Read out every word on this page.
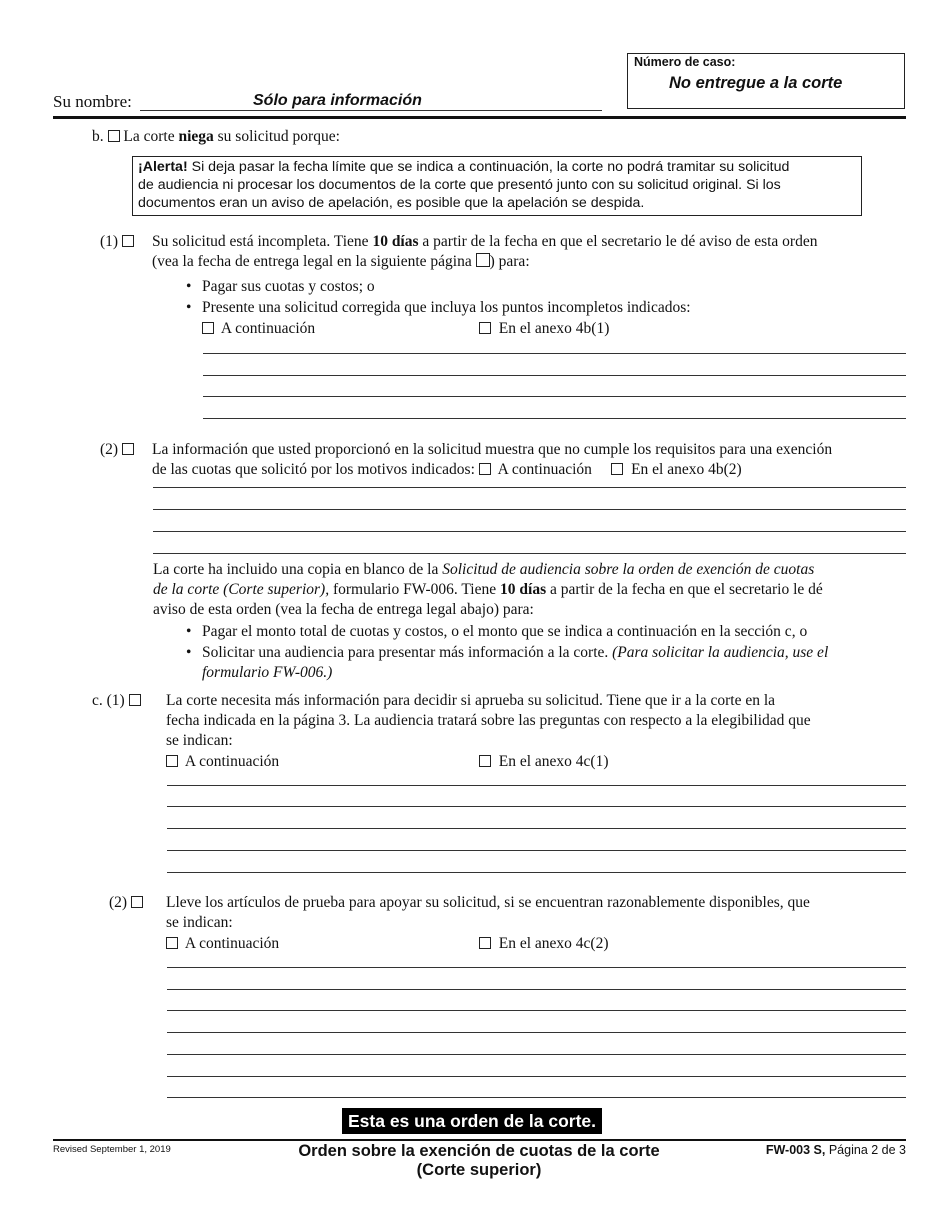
Su nombre:	Sólo para información
Número de caso:
No entregue a la corte
b. La corte niega su solicitud porque:
¡Alerta! Si deja pasar la fecha límite que se indica a continuación, la corte no podrá tramitar su solicitud
de audiencia ni procesar los documentos de la corte que presentó junto con su solicitud original. Si los
documentos eran un aviso de apelación, es posible que la apelación se despida.
(1)	Su solicitud está incompleta. Tiene 10 días a partir de la fecha en que el secretario le dé aviso de esta orden
(vea la fecha de entrega legal en la siguiente página ) para:
• Pagar sus cuotas y costos; o
• Presente una solicitud corregida que incluya los puntos incompletos indicados:
A continuación	En el anexo 4b(1)
(2)	La información que usted proporcionó en la solicitud muestra que no cumple los requisitos para una exención
de las cuotas que solicitó por los motivos indicados: A continuación	En el anexo 4b(2)
La corte ha incluido una copia en blanco de la Solicitud de audiencia sobre la orden de exención de cuotas
de la corte (Corte superior), formulario FW-006. Tiene 10 días a partir de la fecha en que el secretario le dé
aviso de esta orden (vea la fecha de entrega legal abajo) para:
• Pagar el monto total de cuotas y costos, o el monto que se indica a continuación en la sección c, o
• Solicitar una audiencia para presentar más información a la corte. (Para solicitar la audiencia, use el
formulario FW-006.)
c. (1)	La corte necesita más información para decidir si aprueba su solicitud. Tiene que ir a la corte en la
fecha indicada en la página 3. La audiencia tratará sobre las preguntas con respecto a la elegibilidad que
se indican:
A continuación	En el anexo 4c(1)
(2)	Lleve los artículos de prueba para apoyar su solicitud, si se encuentran razonablemente disponibles, que
se indican:
A continuación	En el anexo 4c(2)
Esta es una orden de la corte.
Revised September 1, 2019	Orden sobre la exención de cuotas de la corte
(Corte superior)
FW-003 S, Página 2 de 3
